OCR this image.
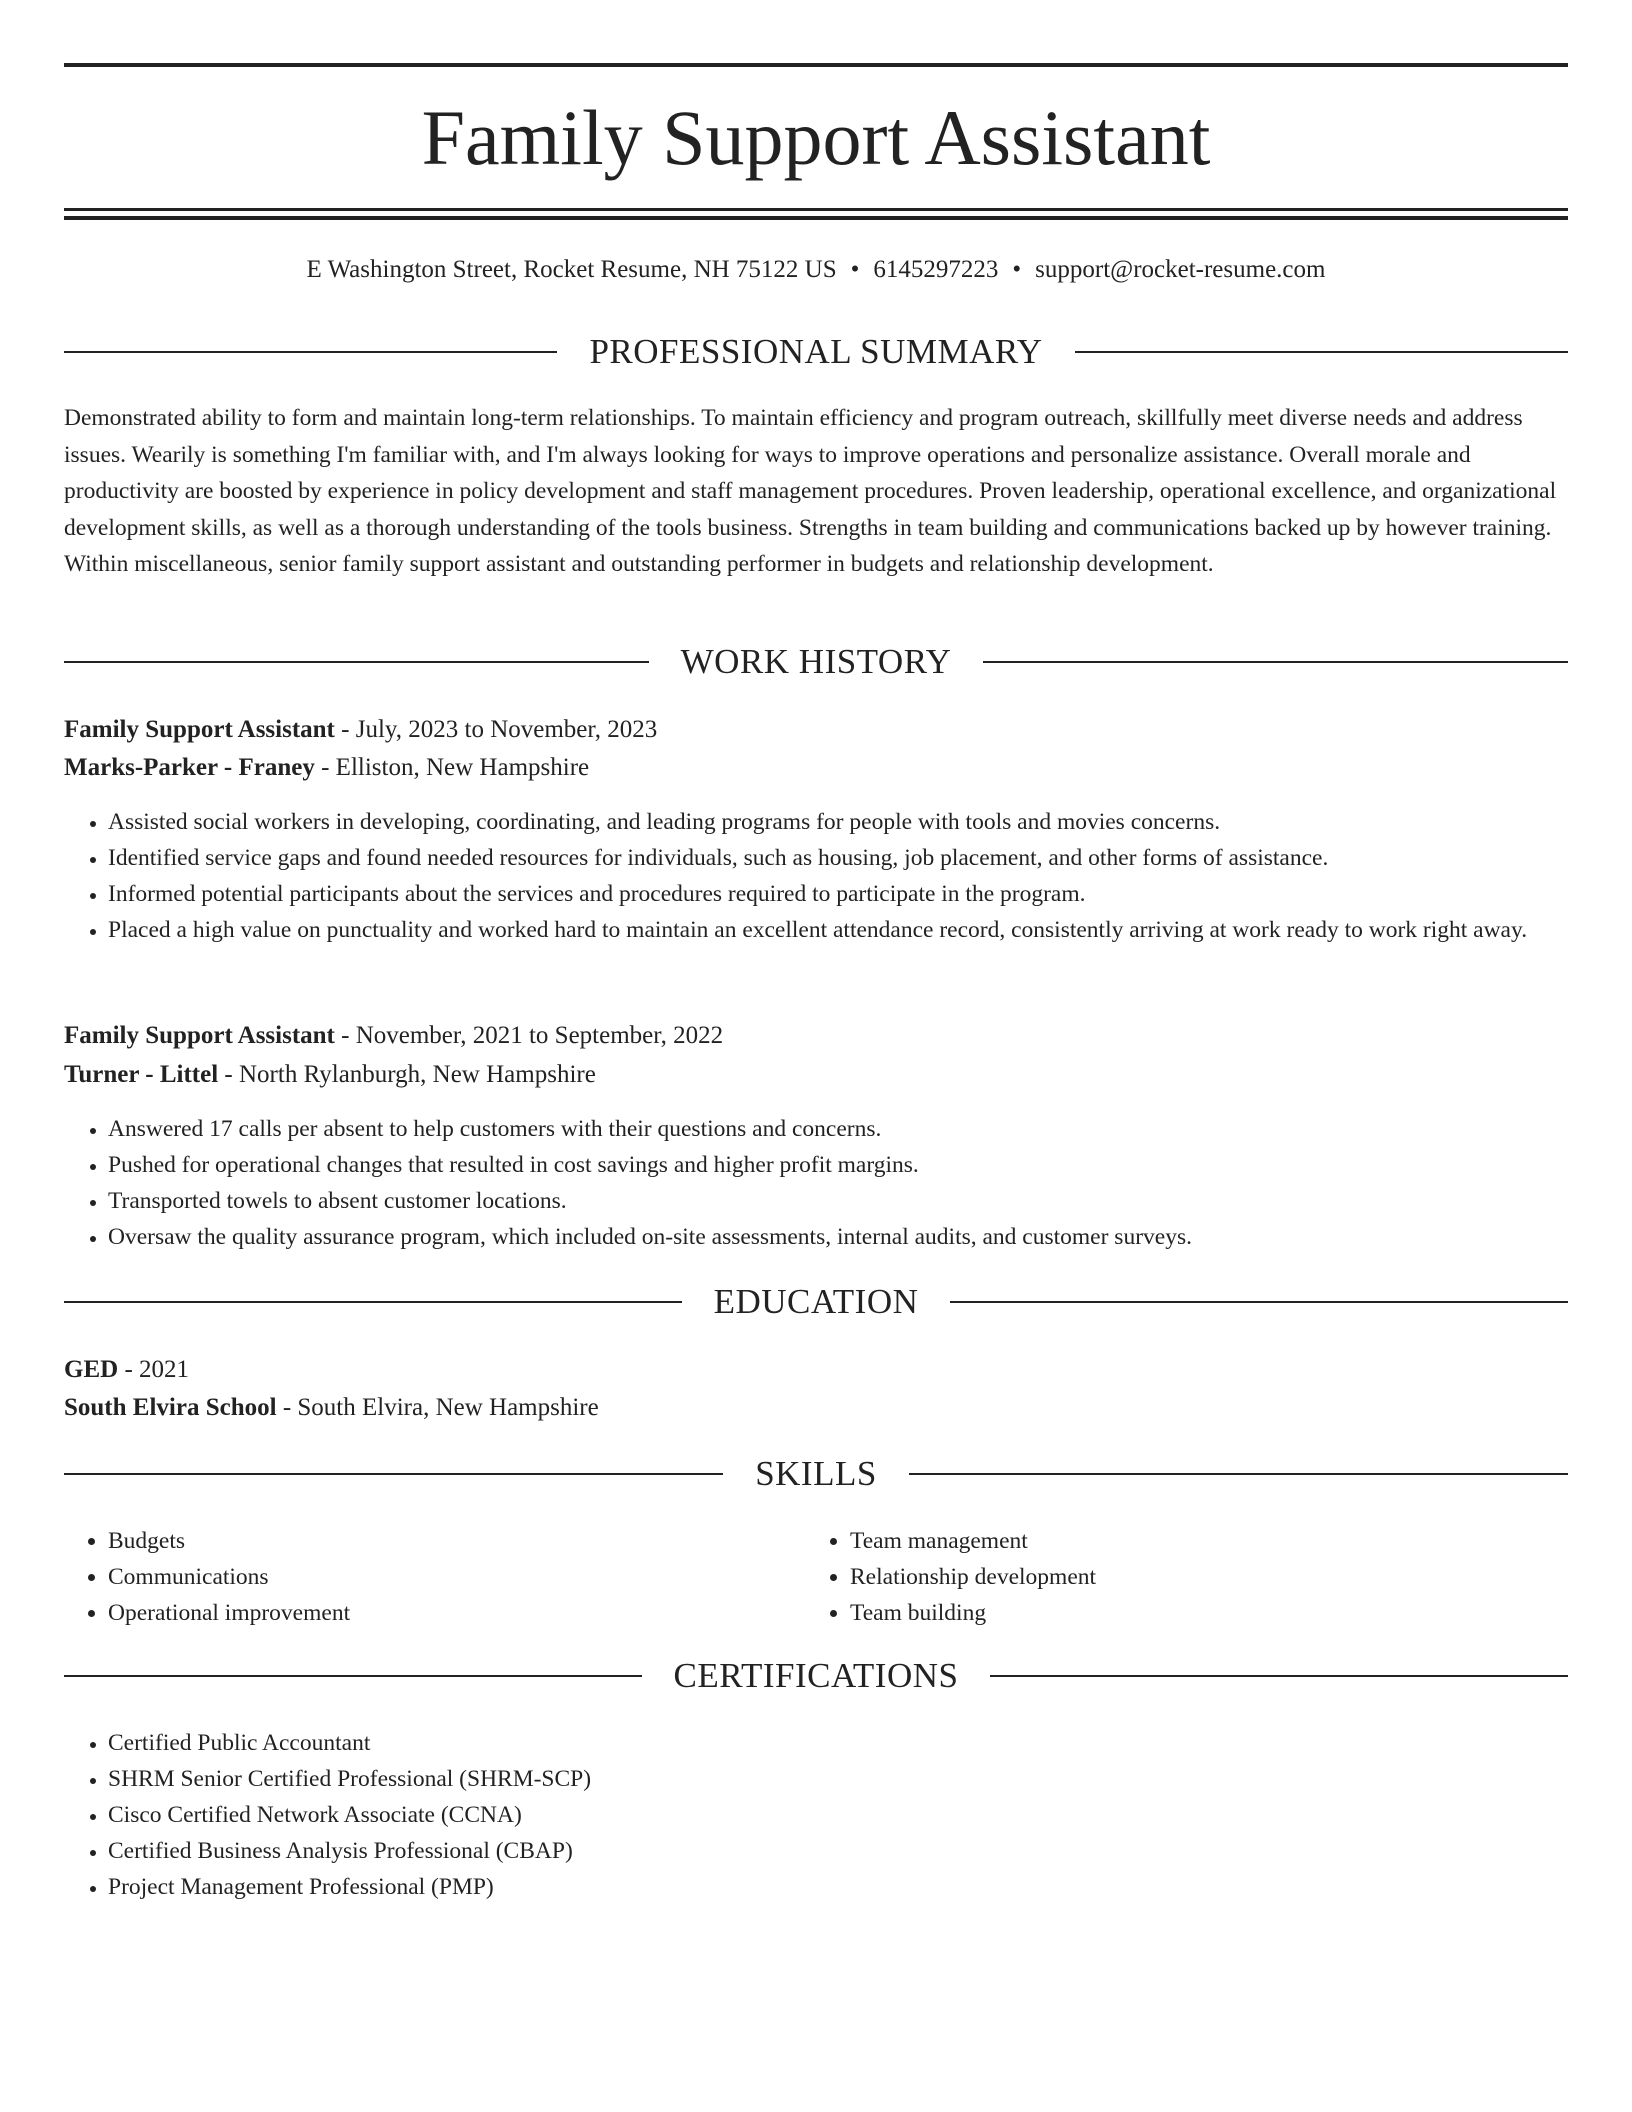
Family Support Assistant
E Washington Street, Rocket Resume, NH 75122 US • 6145297223 • support@rocket-resume.com
PROFESSIONAL SUMMARY

Demonstrated ability to form and maintain long-term relationships. To maintain efficiency and program outreach, skillfully meet diverse needs and address issues. Wearily is something I'm familiar with, and I'm always looking for ways to improve operations and personalize assistance. Overall morale and productivity are boosted by experience in policy development and staff management procedures. Proven leadership, operational excellence, and organizational development skills, as well as a thorough understanding of the tools business. Strengths in team building and communications backed up by however training. Within miscellaneous, senior family support assistant and outstanding performer in budgets and relationship development.

WORK HISTORY
Family Support Assistant - July, 2023 to November, 2023
Marks-Parker - Franey - Elliston, New Hampshire
• Assisted social workers in developing, coordinating, and leading programs for people with tools and movies concerns.
• Identified service gaps and found needed resources for individuals, such as housing, job placement, and other forms of assistance.
• Informed potential participants about the services and procedures required to participate in the program.
• Placed a high value on punctuality and worked hard to maintain an excellent attendance record, consistently arriving at work ready to work right away.
Family Support Assistant - November, 2021 to September, 2022
Turner - Littel - North Rylanburgh, New Hampshire
• Answered 17 calls per absent to help customers with their questions and concerns.
• Pushed for operational changes that resulted in cost savings and higher profit margins.
• Transported towels to absent customer locations.
• Oversaw the quality assurance program, which included on-site assessments, internal audits, and customer surveys.
EDUCATION
GED - 2021
South Elvira School - South Elvira, New Hampshire
SKILLS
• Budgets
• Communications
• Operational improvement
• Team management
• Relationship development
• Team building
CERTIFICATIONS
• Certified Public Accountant
• SHRM Senior Certified Professional (SHRM-SCP)
• Cisco Certified Network Associate (CCNA)
• Certified Business Analysis Professional (CBAP)
• Project Management Professional (PMP)
